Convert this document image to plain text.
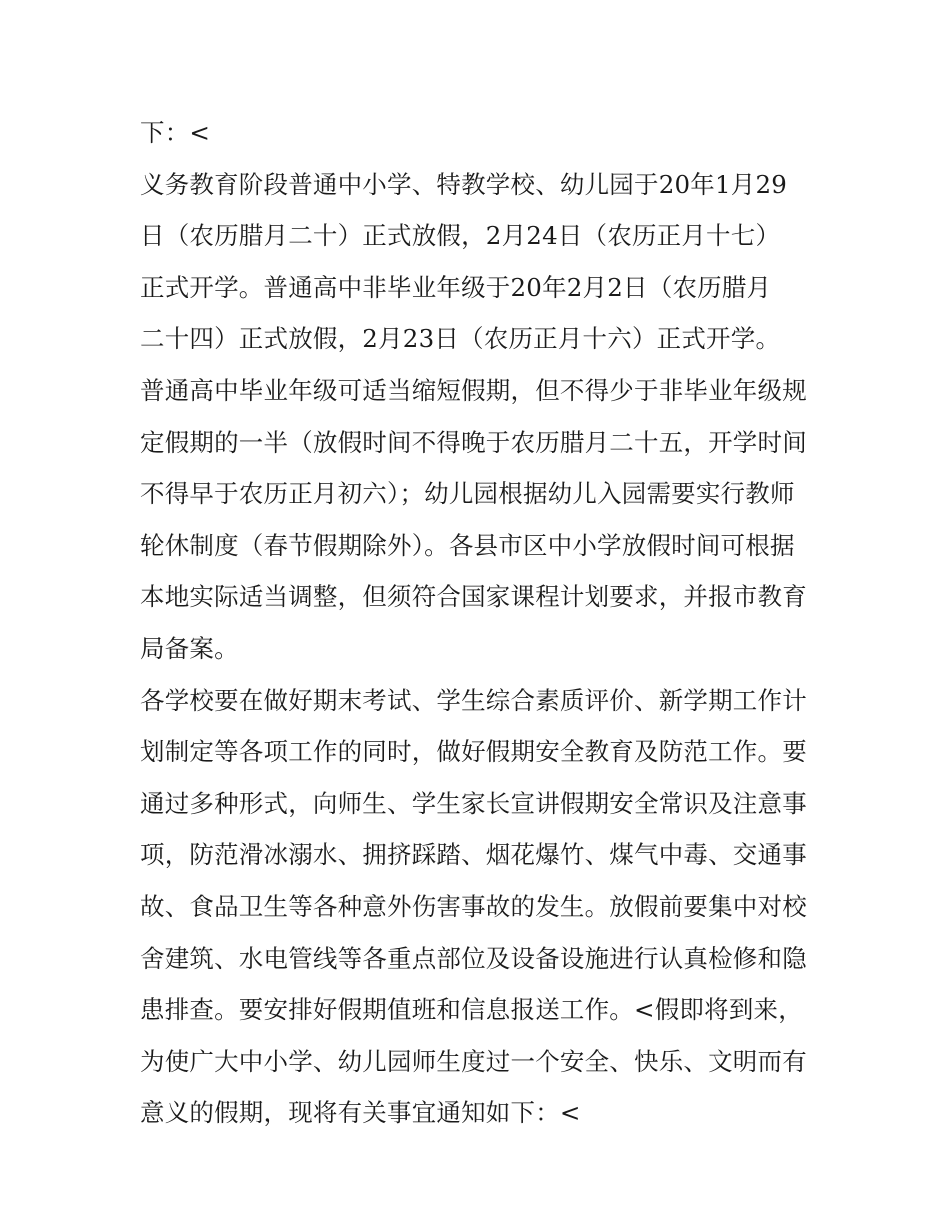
下：<
义务教育阶段普通中小学、特教学校、幼儿园于20年1月29
日（农历腊月二十）正式放假，2月24日（农历正月十七）
正式开学。普通高中非毕业年级于20年2月2日（农历腊月
二十四）正式放假，2月23日（农历正月十六）正式开学。
普通高中毕业年级可适当缩短假期，但不得少于非毕业年级规
定假期的一半（放假时间不得晚于农历腊月二十五，开学时间
不得早于农历正月初六）；幼儿园根据幼儿入园需要实行教师
轮休制度（春节假期除外）。各县市区中小学放假时间可根据
本地实际适当调整，但须符合国家课程计划要求，并报市教育
局备案。
各学校要在做好期末考试、学生综合素质评价、新学期工作计
划制定等各项工作的同时，做好假期安全教育及防范工作。要
通过多种形式，向师生、学生家长宣讲假期安全常识及注意事
项，防范滑冰溺水、拥挤踩踏、烟花爆竹、煤气中毒、交通事
故、食品卫生等各种意外伤害事故的发生。放假前要集中对校
舍建筑、水电管线等各重点部位及设备设施进行认真检修和隐
患排查。要安排好假期值班和信息报送工作。<假即将到来，
为使广大中小学、幼儿园师生度过一个安全、快乐、文明而有
意义的假期，现将有关事宜通知如下：<
